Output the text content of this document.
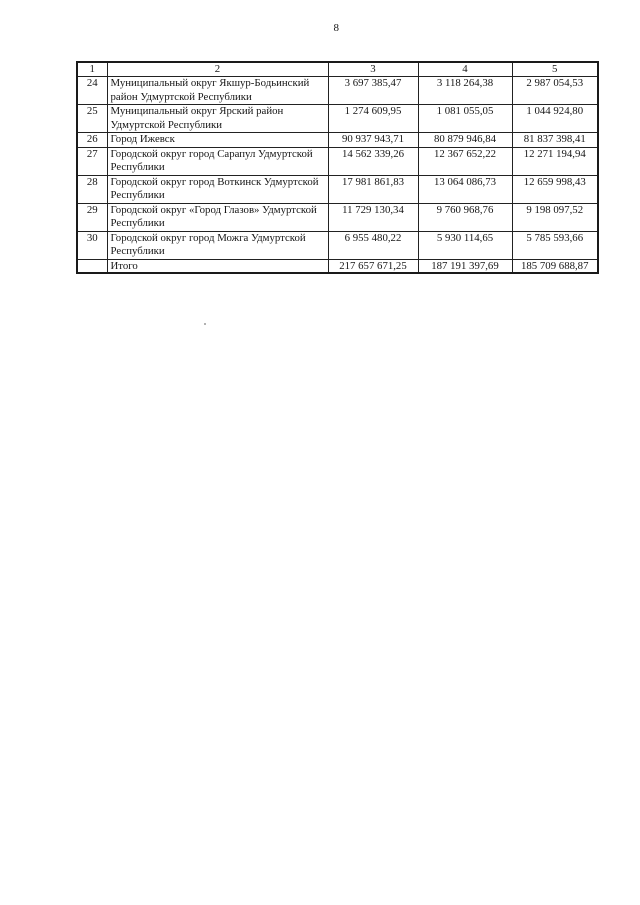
8
1	2	3	4	5
24	Муниципальный округ Якшур-Бодьинский район Удмуртской Республики	3 697 385,47	3 118 264,38	2 987 054,53
25	Муниципальный округ Ярский район Удмуртской Республики	1 274 609,95	1 081 055,05	1 044 924,80
26	Город Ижевск	90 937 943,71	80 879 946,84	81 837 398,41
27	Городской округ город Сарапул Удмуртской Республики	14 562 339,26	12 367 652,22	12 271 194,94
28	Городской округ город Воткинск Удмуртской Республики	17 981 861,83	13 064 086,73	12 659 998,43
29	Городской округ «Город Глазов» Удмуртской Республики	11 729 130,34	9 760 968,76	9 198 097,52
30	Городской округ город Можга Удмуртской Республики	6 955 480,22	5 930 114,65	5 785 593,66
	Итого	217 657 671,25	187 191 397,69	185 709 688,87
